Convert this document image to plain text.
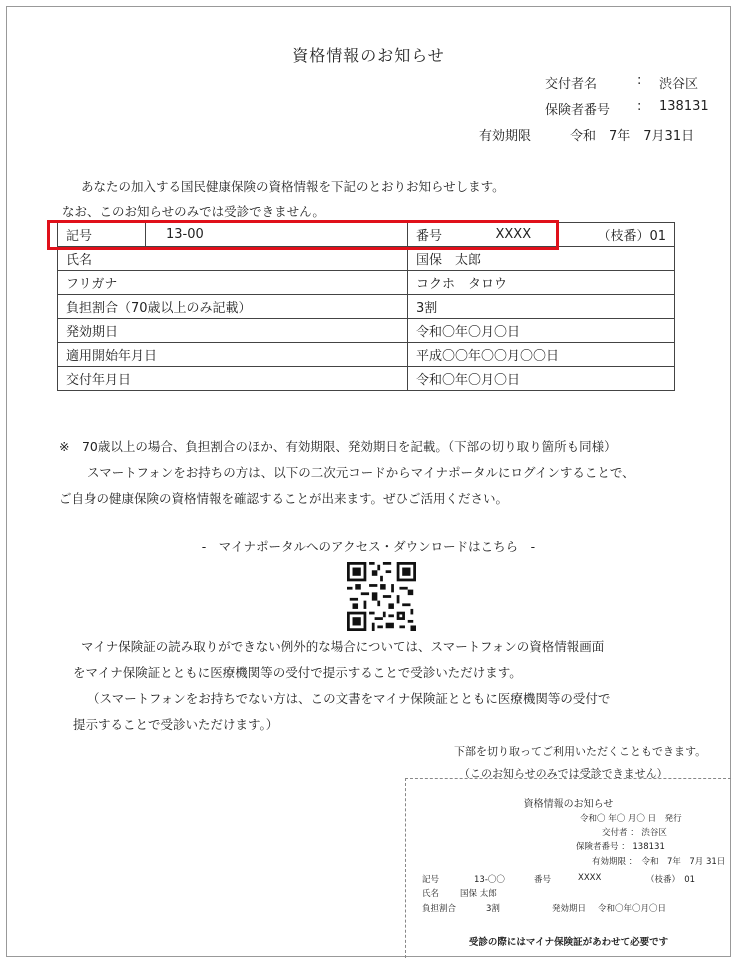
資格情報のお知らせ
交付者名	: 渋谷区
保険者番号 : 138131
有効期限	令和　7年　7月31日
あなたの加入する国民健康保険の資格情報を下記のとおりお知らせします。
なお、このお知らせのみでは受診できません。
記号	13-00	番号	XXXX	（枝番）01
氏名		国保　太郎		
フリガナ		コクホ　タロウ		
負担割合（70歳以上のみ記載）		3割		
発効期日		令和〇年〇月〇日		
適用開始年月日		平成〇〇年〇〇月〇〇日		
交付年月日		令和〇年〇月〇日		
※　70歳以上の場合、負担割合のほか、有効期限、発効期日を記載。（下部の切り取り箇所も同様）
スマートフォンをお持ちの方は、以下の二次元コードからマイナポータルにログインすることで、
ご自身の健康保険の資格情報を確認することが出来ます。ぜひご活用ください。
-　マイナポータルへのアクセス・ダウンロードはこちら　-
マイナ保険証の読み取りができない例外的な場合については、スマートフォンの資格情報画面
をマイナ保険証とともに医療機関等の受付で提示することで受診いただけます。
（スマートフォンをお持ちでない方は、この文書をマイナ保険証とともに医療機関等の受付で
提示することで受診いただけます。）
下部を切り取ってご利用いただくこともできます。
（このお知らせのみでは受診できません）
資格情報のお知らせ
令和〇 年〇 月〇 日　発行
交付者 ： 渋谷区
保険者番号 ： 138131
有効期限 ：　令和　7年　7月 31日
記号	13-〇〇	番号	XXXX	（枝番）　01
氏名 国保 太郎
負担割合	3割	発効期日 令和〇年〇月〇日
受診の際にはマイナ保険証があわせて必要です
